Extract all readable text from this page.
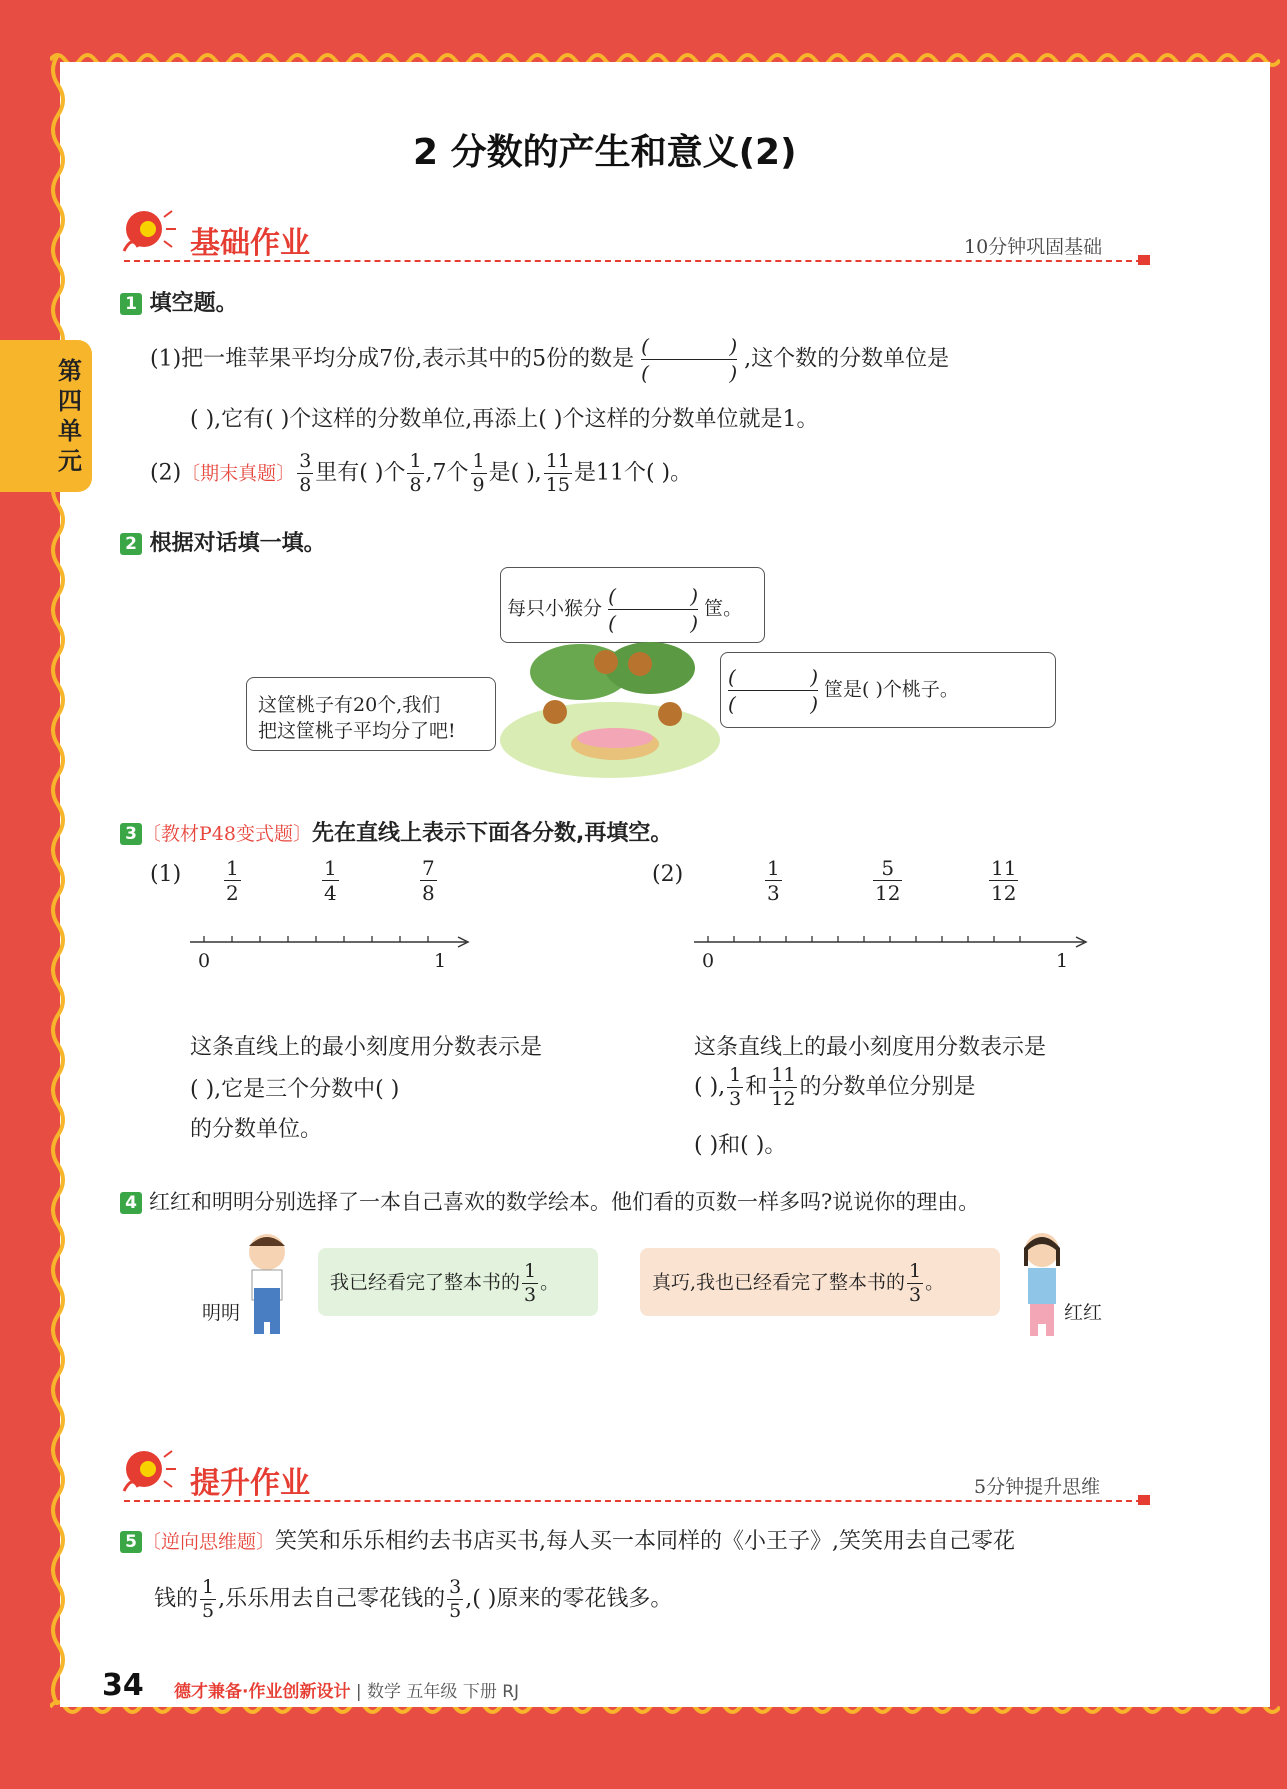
第四单元
2 分数的产生和意义(2)
基础作业	10分钟巩固基础
1 填空题。
(1)把一堆苹果平均分成7份,表示其中的5份的数是 (	)
(	) ,这个数的分数单位是
( ),它有( )个这样的分数单位,再添上( )个这样的分数单位就是1。
(2)〔期末真题〕 $\frac{3}{8}$ 里有( )个 $\frac{1}{8} ,7$个 $\frac{1}{9}$ 是( ), $\frac{11}{15}$ 是11个( )。
2 根据对话填一填。
每只小猴分 (	)
(	) 筐。
这筐桃子有20个,我们
把这筐桃子平均分了吧!
(	)
(	) 筐是( )个桃子。
3 〔教材P48变式题〕先在直线上表示下面各分数,再填空。
$(1) \frac{1}{2}$	$\frac{1}{4}$	$\frac{7}{8}$
0	1
这条直线上的最小刻度用分数表示是
( ),它是三个分数中( )
的分数单位。
(2)	$\frac{1}{3}$	$\frac{5}{12}$	$\frac{11}{12}$
0	1
这条直线上的最小刻度用分数表示是
( ), $\frac{1}{3}$ 和 $\frac{11}{12}$ 的分数单位分别是
( )和( )。
4 红红和明明分别选择了一本自己喜欢的数学绘本。他们看的页数一样多吗?说说你的理由。
明明
我已经看完了整本书的 $\frac{1}{3}$ 。	真巧,我也已经看完了整本书的 $\frac{1}{3}$ 。
红红
提升作业	5分钟提升思维
5 〔逆向思维题〕笑笑和乐乐相约去书店买书,每人买一本同样的《小王子》,笑笑用去自己零花
钱的 $\frac{1}{5}$ ,乐乐用去自己零花钱的 $\frac{3}{5}$ ,( )原来的零花钱多。
34 德才兼备·作业创新设计 | 数学 五年级 下册 RJ
